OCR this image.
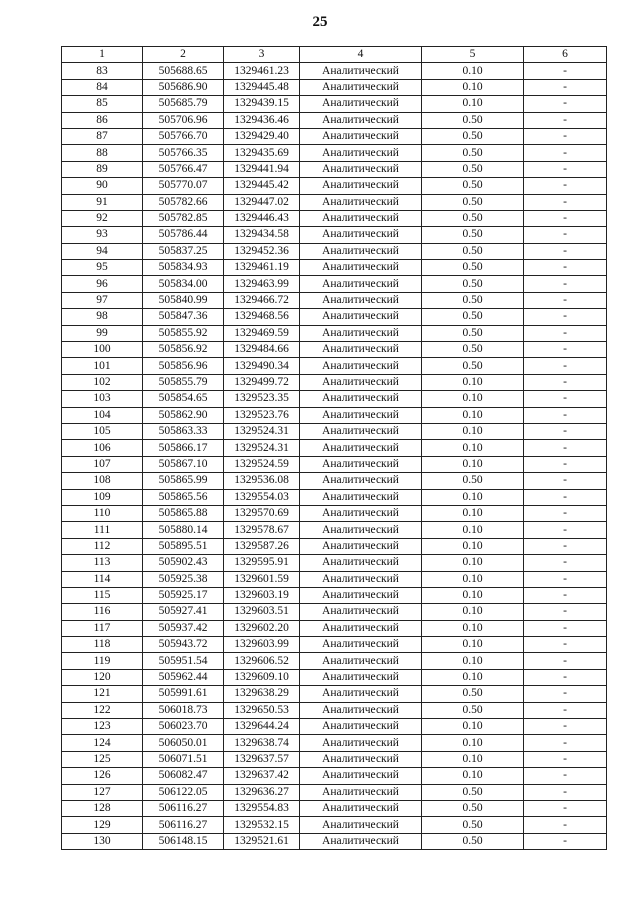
25
1	2	3	4	5	6
83	505688.65	1329461.23	Аналитический	0.10	-
84	505686.90	1329445.48	Аналитический	0.10	-
85	505685.79	1329439.15	Аналитический	0.10	-
86	505706.96	1329436.46	Аналитический	0.50	-
87	505766.70	1329429.40	Аналитический	0.50	-
88	505766.35	1329435.69	Аналитический	0.50	-
89	505766.47	1329441.94	Аналитический	0.50	-
90	505770.07	1329445.42	Аналитический	0.50	-
91	505782.66	1329447.02	Аналитический	0.50	-
92	505782.85	1329446.43	Аналитический	0.50	-
93	505786.44	1329434.58	Аналитический	0.50	-
94	505837.25	1329452.36	Аналитический	0.50	-
95	505834.93	1329461.19	Аналитический	0.50	-
96	505834.00	1329463.99	Аналитический	0.50	-
97	505840.99	1329466.72	Аналитический	0.50	-
98	505847.36	1329468.56	Аналитический	0.50	-
99	505855.92	1329469.59	Аналитический	0.50	-
100	505856.92	1329484.66	Аналитический	0.50	-
101	505856.96	1329490.34	Аналитический	0.50	-
102	505855.79	1329499.72	Аналитический	0.10	-
103	505854.65	1329523.35	Аналитический	0.10	-
104	505862.90	1329523.76	Аналитический	0.10	-
105	505863.33	1329524.31	Аналитический	0.10	-
106	505866.17	1329524.31	Аналитический	0.10	-
107	505867.10	1329524.59	Аналитический	0.10	-
108	505865.99	1329536.08	Аналитический	0.50	-
109	505865.56	1329554.03	Аналитический	0.10	-
110	505865.88	1329570.69	Аналитический	0.10	-
111	505880.14	1329578.67	Аналитический	0.10	-
112	505895.51	1329587.26	Аналитический	0.10	-
113	505902.43	1329595.91	Аналитический	0.10	-
114	505925.38	1329601.59	Аналитический	0.10	-
115	505925.17	1329603.19	Аналитический	0.10	-
116	505927.41	1329603.51	Аналитический	0.10	-
117	505937.42	1329602.20	Аналитический	0.10	-
118	505943.72	1329603.99	Аналитический	0.10	-
119	505951.54	1329606.52	Аналитический	0.10	-
120	505962.44	1329609.10	Аналитический	0.10	-
121	505991.61	1329638.29	Аналитический	0.50	-
122	506018.73	1329650.53	Аналитический	0.50	-
123	506023.70	1329644.24	Аналитический	0.10	-
124	506050.01	1329638.74	Аналитический	0.10	-
125	506071.51	1329637.57	Аналитический	0.10	-
126	506082.47	1329637.42	Аналитический	0.10	-
127	506122.05	1329636.27	Аналитический	0.50	-
128	506116.27	1329554.83	Аналитический	0.50	-
129	506116.27	1329532.15	Аналитический	0.50	-
130	506148.15	1329521.61	Аналитический	0.50	-
